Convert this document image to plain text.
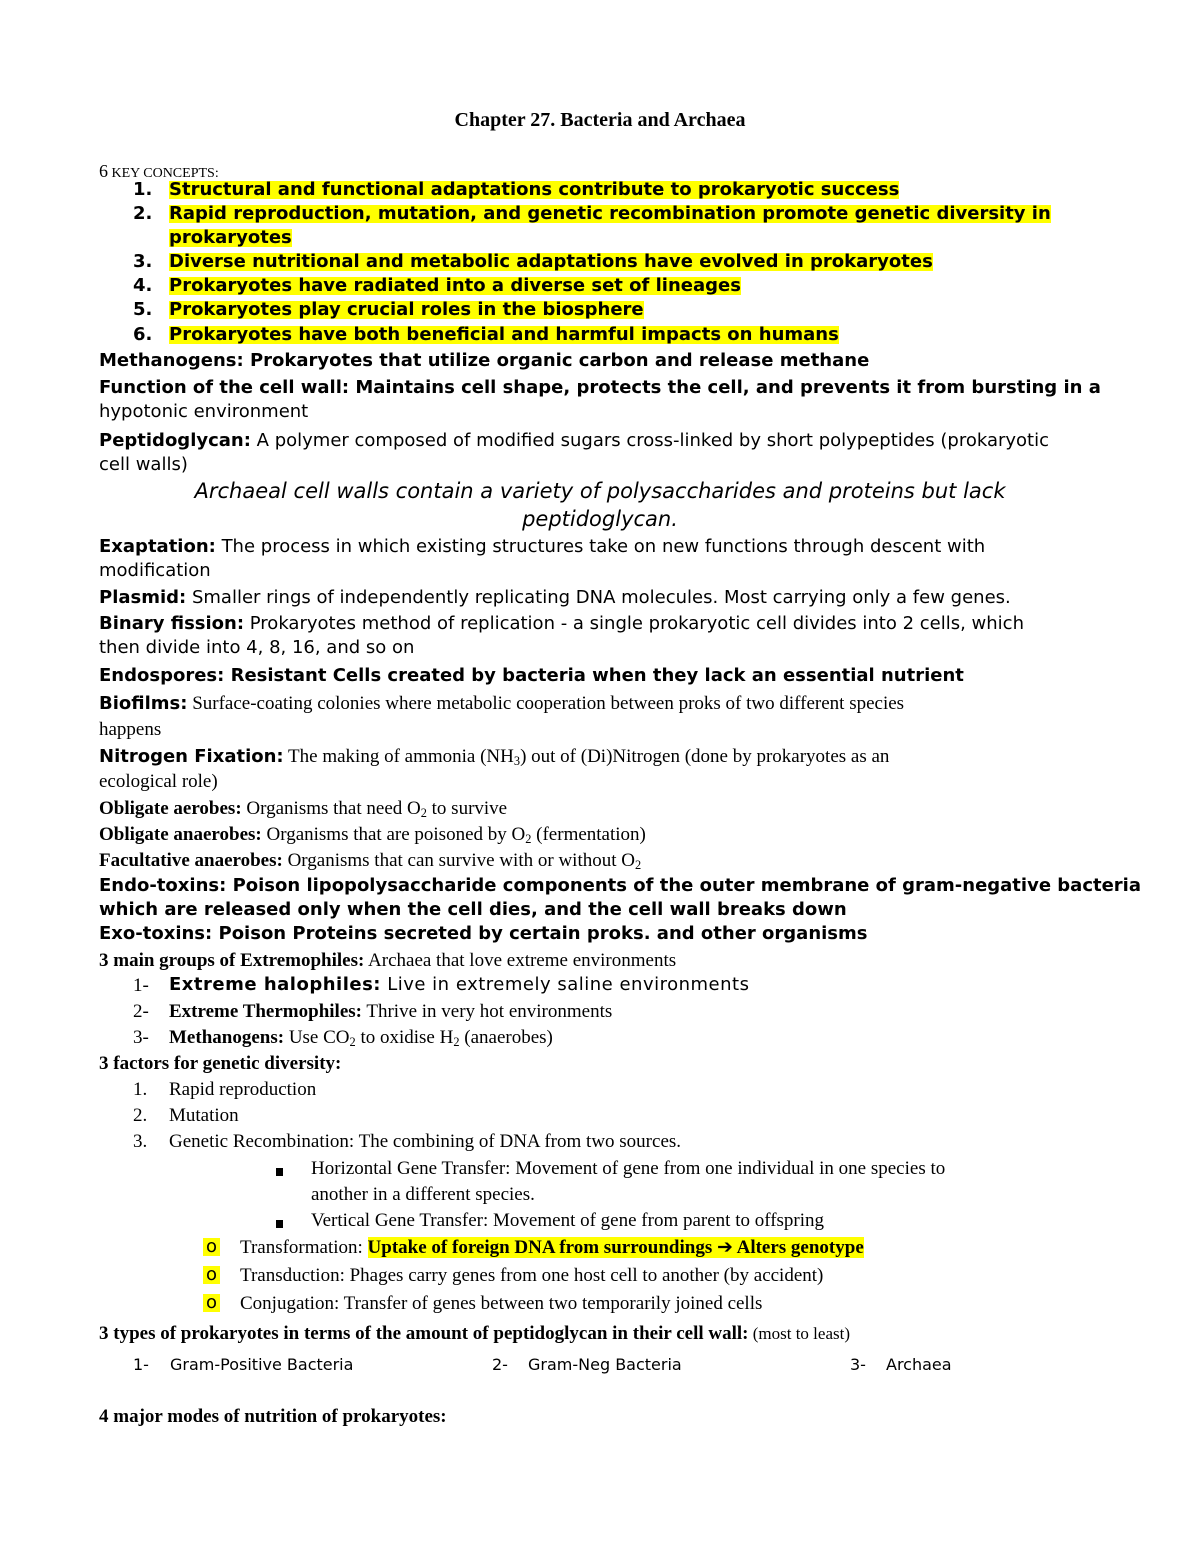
Chapter 27. Bacteria and Archaea
6 KEY CONCEPTS:
1. Structural and functional adaptations contribute to prokaryotic success
2. Rapid reproduction, mutation, and genetic recombination promote genetic diversity in
prokaryotes
3. Diverse nutritional and metabolic adaptations have evolved in prokaryotes
4. Prokaryotes have radiated into a diverse set of lineages
5. Prokaryotes play crucial roles in the biosphere
6. Prokaryotes have both beneficial and harmful impacts on humans
Methanogens: Prokaryotes that utilize organic carbon and release methane
Function of the cell wall: Maintains cell shape, protects the cell, and prevents it from bursting in a
hypotonic environment
Peptidoglycan: A polymer composed of modified sugars cross-linked by short polypeptides (prokaryotic
cell walls)
Archaeal cell walls contain a variety of polysaccharides and proteins but lack
peptidoglycan.
Exaptation: The process in which existing structures take on new functions through descent with
modification
Plasmid: Smaller rings of independently replicating DNA molecules. Most carrying only a few genes.
Binary fission: Prokaryotes method of replication - a single prokaryotic cell divides into 2 cells, which
then divide into 4, 8, 16, and so on
Endospores: Resistant Cells created by bacteria when they lack an essential nutrient
Biofilms: Surface-coating colonies where metabolic cooperation between proks of two different species
happens
Nitrogen Fixation: The making of ammonia $(NH_3)$ out of (Di)Nitrogen (done by prokaryotes as an
ecological role)
Obligate aerobes: Organisms that need $O_2$ to survive
Obligate anaerobes: Organisms that are poisoned by $O_2$ (fermentation)
Facultative anaerobes: Organisms that can survive with or without $O_2$
Endo-toxins: Poison lipopolysaccharide components of the outer membrane of gram-negative bacteria
which are released only when the cell dies, and the cell wall breaks down
Exo-toxins: Poison Proteins secreted by certain proks. and other organisms
3 main groups of Extremophiles: Archaea that love extreme environments
1- Extreme halophiles: Live in extremely saline environments
2- Extreme Thermophiles: Thrive in very hot environments
3- Methanogens: Use $CO_2$ to oxidise $H_2$ (anaerobes)
3 factors for genetic diversity:
1. Rapid reproduction
2. Mutation
3. Genetic Recombination: The combining of DNA from two sources.
Horizontal Gene Transfer: Movement of gene from one individual in one species to
another in a different species.
Vertical Gene Transfer: Movement of gene from parent to offspring
o Transformation: Uptake of foreign DNA from surroundings ➔ Alters genotype
o Transduction: Phages carry genes from one host cell to another (by accident)
o Conjugation: Transfer of genes between two temporarily joined cells
3 types of prokaryotes in terms of the amount of peptidoglycan in their cell wall: (most to least)
1- Gram-Positive Bacteria	2- Gram-Neg Bacteria	3- Archaea
4 major modes of nutrition of prokaryotes:
